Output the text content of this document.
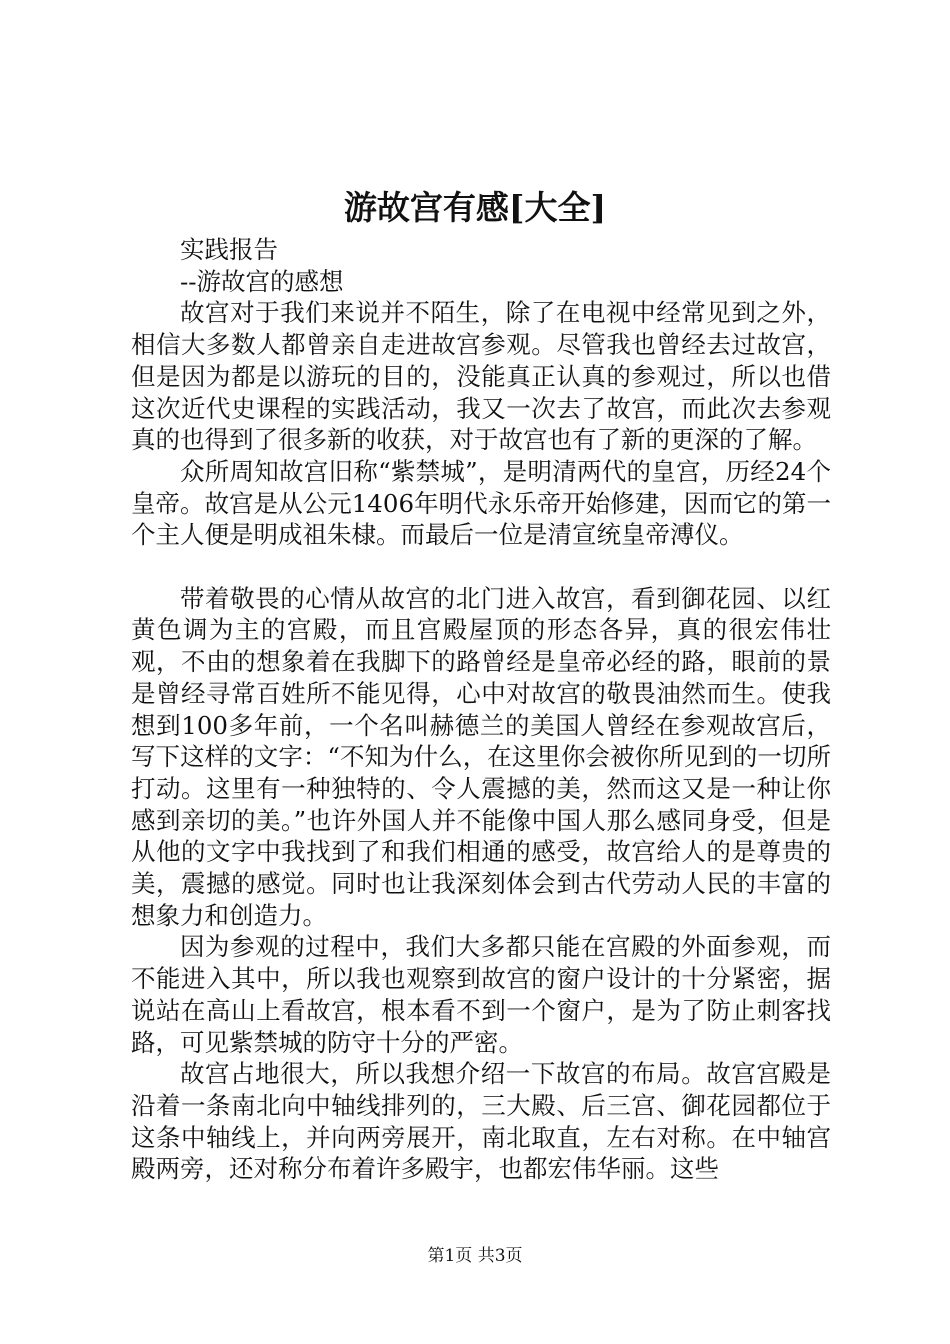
游故宫有感[大全]

实践报告

--游故宫的感想

故宫对于我们来说并不陌生，除了在电视中经常见到之外，相信大多数人都曾亲自走进故宫参观。尽管我也曾经去过故宫，但是因为都是以游玩的目的，没能真正认真的参观过，所以也借这次近代史课程的实践活动，我又一次去了故宫，而此次去参观真的也得到了很多新的收获，对于故宫也有了新的更深的了解。

众所周知故宫旧称“紫禁城”，是明清两代的皇宫，历经24个皇帝。故宫是从公元1406年明代永乐帝开始修建，因而它的第一个主人便是明成祖朱棣。而最后一位是清宣统皇帝溥仪。

带着敬畏的心情从故宫的北门进入故宫，看到御花园、以红黄色调为主的宫殿，而且宫殿屋顶的形态各异，真的很宏伟壮观，不由的想象着在我脚下的路曾经是皇帝必经的路，眼前的景是曾经寻常百姓所不能见得，心中对故宫的敬畏油然而生。使我想到100多年前，一个名叫赫德兰的美国人曾经在参观故宫后，写下这样的文字：“不知为什么，在这里你会被你所见到的一切所打动。这里有一种独特的、令人震撼的美，然而这又是一种让你感到亲切的美。”也许外国人并不能像中国人那么感同身受，但是从他的文字中我找到了和我们相通的感受，故宫给人的是尊贵的美，震撼的感觉。同时也让我深刻体会到古代劳动人民的丰富的想象力和创造力。

因为参观的过程中，我们大多都只能在宫殿的外面参观，而不能进入其中，所以我也观察到故宫的窗户设计的十分紧密，据说站在高山上看故宫，根本看不到一个窗户，是为了防止刺客找路，可见紫禁城的防守十分的严密。

故宫占地很大，所以我想介绍一下故宫的布局。故宫宫殿是沿着一条南北向中轴线排列的，三大殿、后三宫、御花园都位于这条中轴线上，并向两旁展开，南北取直，左右对称。在中轴宫殿两旁，还对称分布着许多殿宇，也都宏伟华丽。这些

第1页 共3页
